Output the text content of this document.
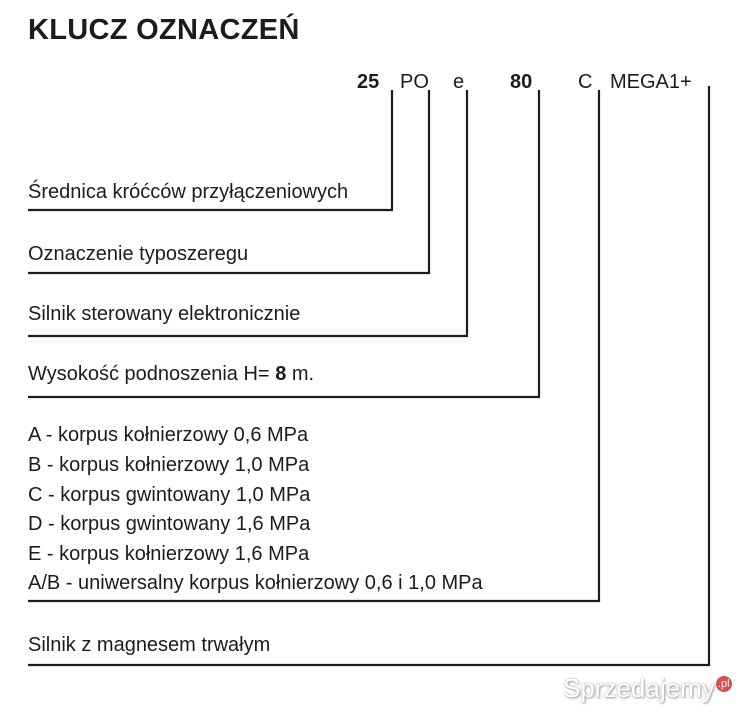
KLUCZ OZNACZEŃ
25 PO e 80 C MEGA1+
Średnica króćców przyłączeniowych
Oznaczenie typoszeregu
Silnik sterowany elektronicznie
Wysokość podnoszenia H= 8 m.
A - korpus kołnierzowy 0,6 MPa
B - korpus kołnierzowy 1,0 MPa
C - korpus gwintowany 1,0 MPa
D - korpus gwintowany 1,6 MPa
E - korpus kołnierzowy 1,6 MPa
A/B - uniwersalny korpus kołnierzowy 0,6 i 1,0 MPa
Silnik z magnesem trwałym
Sprzedajemy .pl
